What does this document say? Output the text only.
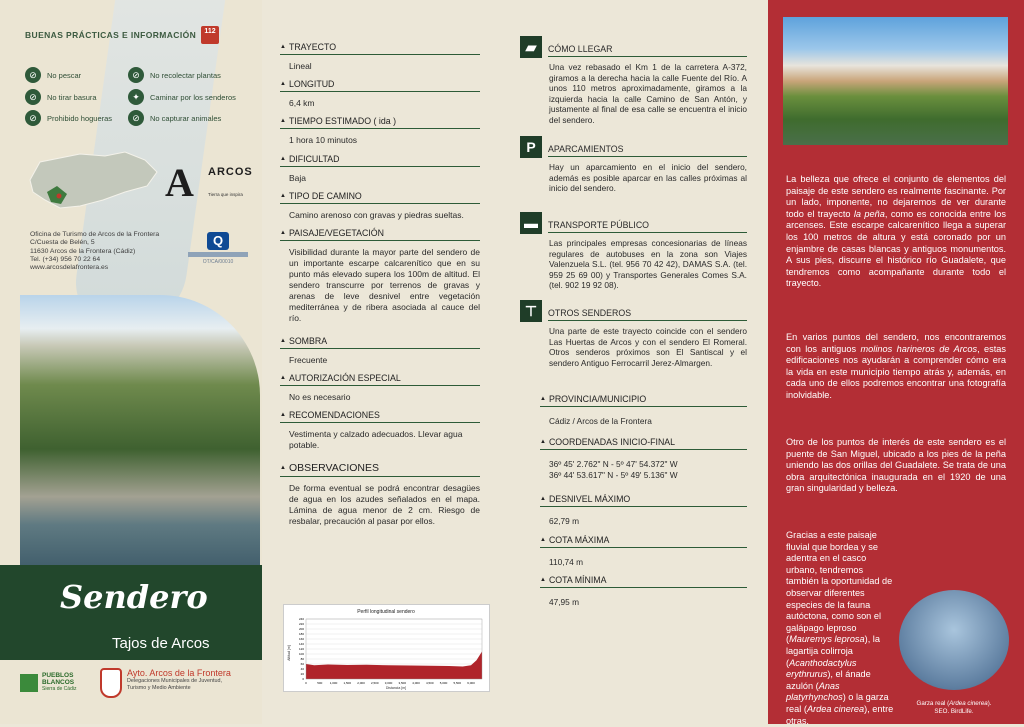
BUENAS PRÁCTICAS E INFORMACIÓN	112
⊘	No pescar	⊘	No recolectar plantas
⊘	No tirar basura	✦	Caminar por los senderos
⊘	Prohibido hogueras	⊘	No capturar animales
A ARCOS
Tierra que inspira
Oficina de Turismo de Arcos de la Frontera
C/Cuesta de Belén, 5
11630 Arcos de la Frontera (Cádiz)
Tel. (+34) 956 70 22 64
www.arcosdelafrontera.es
Q
OT/CA/00010
Sendero
Tajos de Arcos
PUEBLOS
BLANCOS
Sierra de Cádiz
Ayto. Arcos de la Frontera
Delegaciones Municipales de Juventud,
Turismo y Medio Ambiente
▲ TRAYECTO
Lineal
▲ LONGITUD
6,4 km
▲ TIEMPO ESTIMADO ( ida )
1 hora 10 minutos
▲ DIFICULTAD
Baja
▲ TIPO DE CAMINO
Camino arenoso con gravas y piedras sueltas.
▲ PAISAJE/VEGETACIÓN
Visibilidad durante la mayor parte del sendero de un importante escarpe calcarenítico que en su punto más elevado supera los 100m de altitud. El sendero transcurre por terrenos de gravas y arenas de leve desnivel entre vegetación mediterránea y de ribera asociada al cauce del río.
▲ SOMBRA
Frecuente
▲ AUTORIZACIÓN ESPECIAL
No es necesario
▲ RECOMENDACIONES
Vestimenta y calzado adecuados. Llevar agua potable.
▲ OBSERVACIONES
De forma eventual se podrá encontrar desagües de agua en los azudes señalados en el mapa. Lámina de agua menor de 2 cm. Riesgo de resbalar, precaución al pasar por ellos.
Perfil longitudinal sendero
Altitud [m]
Distancia [m]
0
20
40
60
80
100
120
140
160
180
200
220
240
0	500 1,000 1,500 2,000 2,500 3,000 3,500 4,000 4,500 5,000 5,500 6,000
▰	CÓMO LLEGAR
Una vez rebasado el Km 1 de la carretera A-372, giramos a la derecha hacia la calle Fuente del Río. A unos 110 metros aproximadamente, giramos a la izquierda hacia la calle Camino de San Antón, y justamente al final de esa calle se encuentra el inicio del sendero.
P	APARCAMIENTOS
Hay un aparcamiento en el inicio del sendero, además es posible aparcar en las calles próximas al inicio del sendero.
▬	TRANSPORTE PÚBLICO
Las principales empresas concesionarias de líneas regulares de autobuses en la zona son Viajes Valenzuela S.L. (tel. 956 70 42 42), DAMAS S.A. (tel. 959 25 69 00) y Transportes Generales Comes S.A. (tel. 902 19 92 08).
⊤	OTROS SENDEROS
Una parte de este trayecto coincide con el sendero Las Huertas de Arcos y con el sendero El Romeral. Otros senderos próximos son El Santiscal y el sendero Antiguo Ferrocarril Jerez-Almargen.
▲ PROVINCIA/MUNICIPIO
Cádiz / Arcos de la Frontera
▲ COORDENADAS INICIO-FINAL
36º 45' 2.762" N - 5º 47' 54.372" W
36º 44' 53.617" N - 5º 49' 5.136" W
▲ DESNIVEL MÁXIMO
62,79 m
▲ COTA MÁXIMA
110,74 m
▲ COTA MÍNIMA
47,95 m
La belleza que ofrece el conjunto de elementos del paisaje de este sendero es realmente fascinante. Por un lado, imponente, no dejaremos de ver durante todo el trayecto la peña, como es conocida entre los arcenses. Este escarpe calcarenítico llega a superar los 100 metros de altura y está coronado por un enjambre de casas blancas y antiguos monumentos. A sus pies, discurre el histórico río Guadalete, que tendremos como acompañante durante todo el trayecto.
En varios puntos del sendero, nos encontraremos con los antiguos molinos harineros de Arcos, estas edificaciones nos ayudarán a comprender cómo era la vida en este municipio tiempo atrás y, además, en cada uno de ellos podremos encontrar una fotografía inolvidable.
Otro de los puntos de interés de este sendero es el puente de San Miguel, ubicado a los pies de la peña uniendo las dos orillas del Guadalete. Se trata de una obra arquitectónica inaugurada en el 1920 de una gran singularidad y belleza.
Gracias a este paisaje fluvial que bordea y se adentra en el casco urbano, tendremos también la oportunidad de observar diferentes especies de la fauna autóctona, como son el galápago leproso (Mauremys leprosa), la lagartija colirroja (Acanthodactylus erythrurus), el ánade azulón (Anas platyrhynchos) o la garza real (Ardea cinerea), entre otras.
Garza real (Ardea cinerea).
SEO. BirdLife.
